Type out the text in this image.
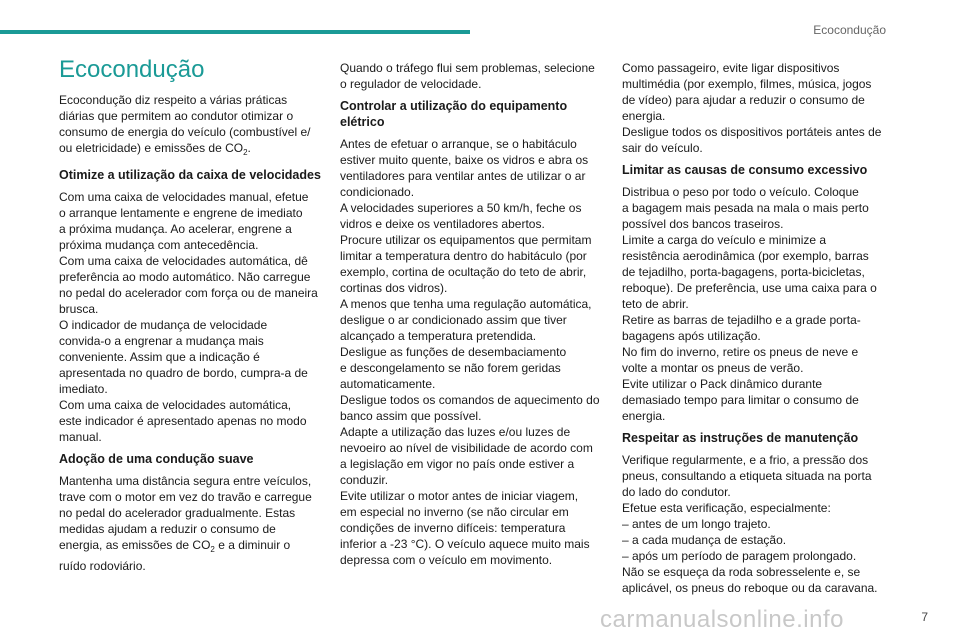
Ecocondução
Ecocondução
Ecocondução diz respeito a várias práticas
diárias que permitem ao condutor otimizar o
consumo de energia do veículo (combustível e/
ou eletricidade) e emissões de $CO_2$.
Otimize a utilização da caixa de velocidades
Com uma caixa de velocidades manual, efetue
o arranque lentamente e engrene de imediato
a próxima mudança. Ao acelerar, engrene a
próxima mudança com antecedência.
Com uma caixa de velocidades automática, dê
preferência ao modo automático. Não carregue
no pedal do acelerador com força ou de maneira
brusca.
O indicador de mudança de velocidade
convida-o a engrenar a mudança mais
conveniente. Assim que a indicação é
apresentada no quadro de bordo, cumpra-a de
imediato.
Com uma caixa de velocidades automática,
este indicador é apresentado apenas no modo
manual.
Adoção de uma condução suave
Mantenha uma distância segura entre veículos,
trave com o motor em vez do travão e carregue
no pedal do acelerador gradualmente. Estas
medidas ajudam a reduzir o consumo de
energia, as emissões de $CO_2$ e a diminuir o
ruído rodoviário.
Quando o tráfego flui sem problemas, selecione
o regulador de velocidade.
Controlar a utilização do equipamento elétrico
Antes de efetuar o arranque, se o habitáculo
estiver muito quente, baixe os vidros e abra os
ventiladores para ventilar antes de utilizar o ar
condicionado.
A velocidades superiores a 50 km/h, feche os
vidros e deixe os ventiladores abertos.
Procure utilizar os equipamentos que permitam
limitar a temperatura dentro do habitáculo (por
exemplo, cortina de ocultação do teto de abrir,
cortinas dos vidros).
A menos que tenha uma regulação automática,
desligue o ar condicionado assim que tiver
alcançado a temperatura pretendida.
Desligue as funções de desembaciamento
e descongelamento se não forem geridas
automaticamente.
Desligue todos os comandos de aquecimento do
banco assim que possível.
Adapte a utilização das luzes e/ou luzes de
nevoeiro ao nível de visibilidade de acordo com
a legislação em vigor no país onde estiver a
conduzir.
Evite utilizar o motor antes de iniciar viagem,
em especial no inverno (se não circular em
condições de inverno difíceis: temperatura
inferior a -23 °C). O veículo aquece muito mais
depressa com o veículo em movimento.
Como passageiro, evite ligar dispositivos
multimédia (por exemplo, filmes, música, jogos
de vídeo) para ajudar a reduzir o consumo de
energia.
Desligue todos os dispositivos portáteis antes de
sair do veículo.
Limitar as causas de consumo excessivo
Distribua o peso por todo o veículo. Coloque
a bagagem mais pesada na mala o mais perto
possível dos bancos traseiros.
Limite a carga do veículo e minimize a
resistência aerodinâmica (por exemplo, barras
de tejadilho, porta-bagagens, porta-bicicletas,
reboque). De preferência, use uma caixa para o
teto de abrir.
Retire as barras de tejadilho e a grade porta-
bagagens após utilização.
No fim do inverno, retire os pneus de neve e
volte a montar os pneus de verão.
Evite utilizar o Pack dinâmico durante
demasiado tempo para limitar o consumo de
energia.
Respeitar as instruções de manutenção
Verifique regularmente, e a frio, a pressão dos
pneus, consultando a etiqueta situada na porta
do lado do condutor.
Efetue esta verificação, especialmente:
– antes de um longo trajeto.
– a cada mudança de estação.
– após um período de paragem prolongado.
Não se esqueça da roda sobresselente e, se
aplicável, os pneus do reboque ou da caravana.
carmanualsonline.info	7
